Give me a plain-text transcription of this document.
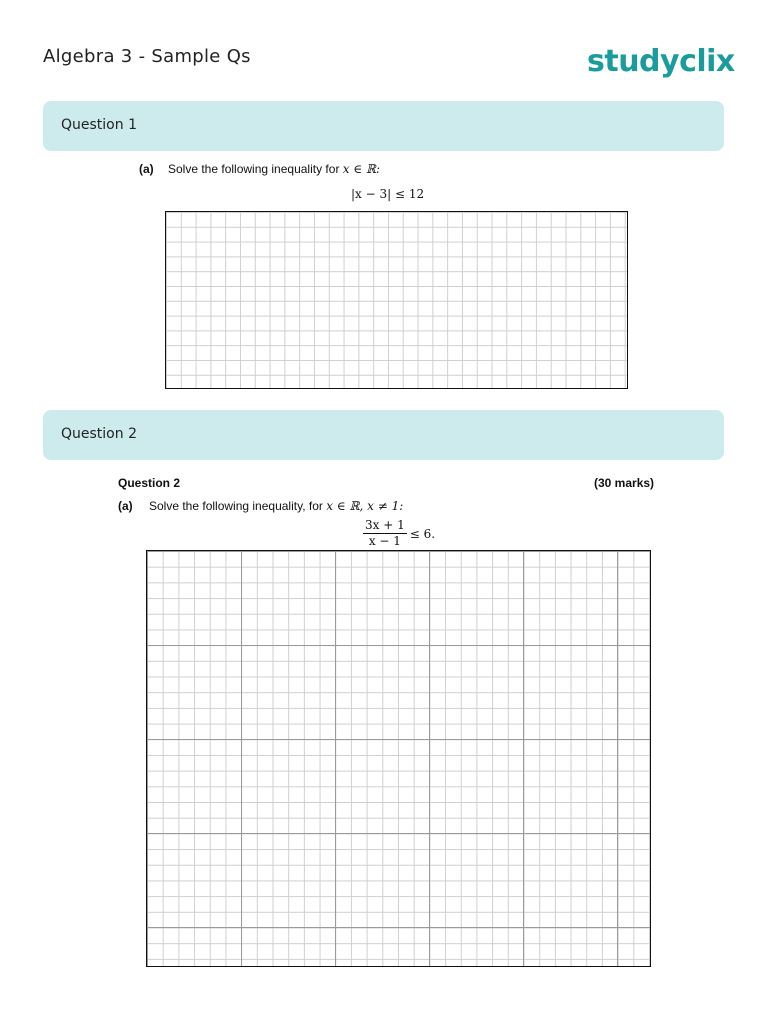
Algebra 3 - Sample Qs	studyclix
Question 1
(a) Solve the following inequality for x ∈ ℝ:
|x − 3| ≤ 12
Question 2
Question 2	(30 marks)
(a) Solve the following inequality, for x ∈ ℝ, x ≠ 1:
$\frac{3x + 1}{x - 1} \le 6$.
